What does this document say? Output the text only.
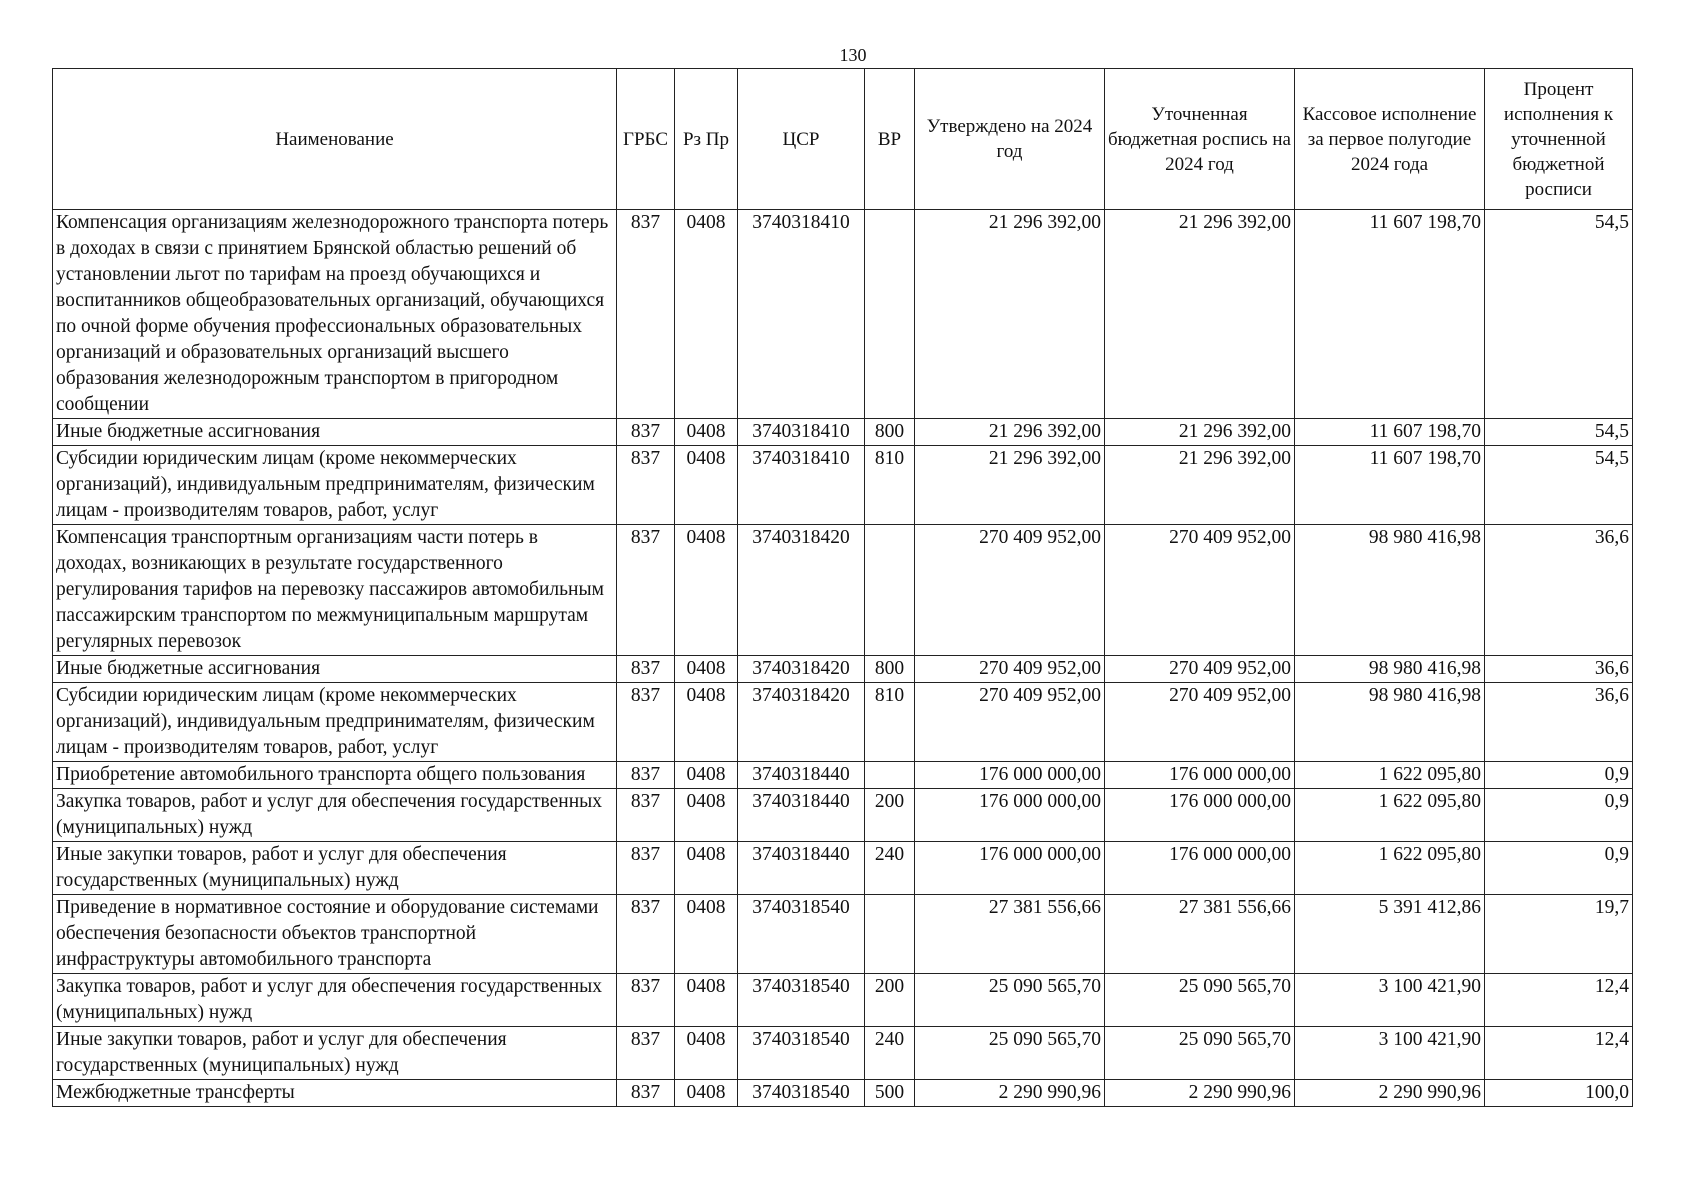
130
Наименование	ГРБС	Рз Пр	ЦСР	ВР	Утверждено на 2024 год	Уточненная бюджетная роспись на 2024 год	Кассовое исполнение за первое полугодие 2024 года	Процент исполнения к уточненной бюджетной росписи
Компенсация организациям железнодорожного транспорта потерь в доходах в связи с принятием Брянской областью решений об установлении льгот по тарифам на проезд обучающихся и воспитанников общеобразовательных организаций, обучающихся по очной форме обучения профессиональных образовательных организаций и образовательных организаций высшего образования железнодорожным транспортом в пригородном сообщении	837	0408	3740318410		21 296 392,00	21 296 392,00	11 607 198,70	54,5
Иные бюджетные ассигнования	837	0408	3740318410	800	21 296 392,00	21 296 392,00	11 607 198,70	54,5
Субсидии юридическим лицам (кроме некоммерческих организаций), индивидуальным предпринимателям, физическим лицам - производителям товаров, работ, услуг	837	0408	3740318410	810	21 296 392,00	21 296 392,00	11 607 198,70	54,5
Компенсация транспортным организациям части потерь в доходах, возникающих в результате государственного регулирования тарифов на перевозку пассажиров автомобильным пассажирским транспортом по межмуниципальным маршрутам регулярных перевозок	837	0408	3740318420		270 409 952,00	270 409 952,00	98 980 416,98	36,6
Иные бюджетные ассигнования	837	0408	3740318420	800	270 409 952,00	270 409 952,00	98 980 416,98	36,6
Субсидии юридическим лицам (кроме некоммерческих организаций), индивидуальным предпринимателям, физическим лицам - производителям товаров, работ, услуг	837	0408	3740318420	810	270 409 952,00	270 409 952,00	98 980 416,98	36,6
Приобретение автомобильного транспорта общего пользования	837	0408	3740318440		176 000 000,00	176 000 000,00	1 622 095,80	0,9
Закупка товаров, работ и услуг для обеспечения государственных (муниципальных) нужд	837	0408	3740318440	200	176 000 000,00	176 000 000,00	1 622 095,80	0,9
Иные закупки товаров, работ и услуг для обеспечения государственных (муниципальных) нужд	837	0408	3740318440	240	176 000 000,00	176 000 000,00	1 622 095,80	0,9
Приведение в нормативное состояние и оборудование системами обеспечения безопасности объектов транспортной инфраструктуры автомобильного транспорта	837	0408	3740318540		27 381 556,66	27 381 556,66	5 391 412,86	19,7
Закупка товаров, работ и услуг для обеспечения государственных (муниципальных) нужд	837	0408	3740318540	200	25 090 565,70	25 090 565,70	3 100 421,90	12,4
Иные закупки товаров, работ и услуг для обеспечения государственных (муниципальных) нужд	837	0408	3740318540	240	25 090 565,70	25 090 565,70	3 100 421,90	12,4
Межбюджетные трансферты	837	0408	3740318540	500	2 290 990,96	2 290 990,96	2 290 990,96	100,0
